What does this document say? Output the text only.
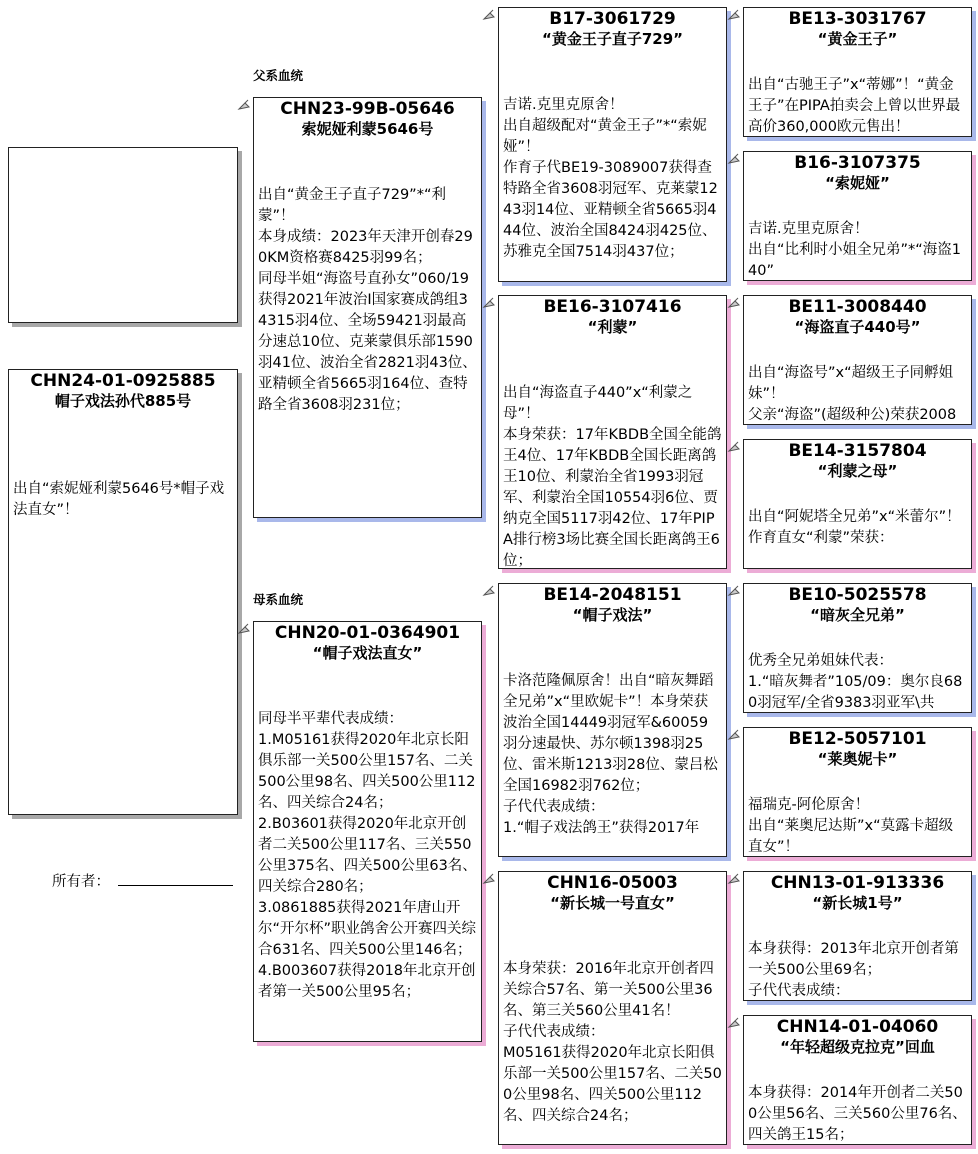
CHN24-01-0925885
帽子戏法孙代885号
出自“索妮娅利蒙5646号*帽子戏法直女”！
所有者：
父系血统
CHN23-99B-05646
索妮娅利蒙5646号
出自“黄金王子直子729”*“利蒙”！
本身成绩：2023年天津开创春290KM资格赛8425羽99名；
同母半姐“海盗号直孙女”060/19获得2021年波治I国家赛成鸽组34315羽4位、全场59421羽最高分速总10位、克莱蒙俱乐部1590羽41位、波治全省2821羽43位、亚精顿全省5665羽164位、查特路全省3608羽231位；
母系血统
CHN20-01-0364901
“帽子戏法直女”
同母半平辈代表成绩：
1.M05161获得2020年北京长阳俱乐部一关500公里157名、二关500公里98名、四关500公里112名、四关综合24名；
2.B03601获得2020年北京开创者二关500公里117名、三关550公里375名、四关500公里63名、四关综合280名；
3.0861885获得2021年唐山开尔“开尔杯”职业鸽舍公开赛四关综合631名、四关500公里146名；
4.B003607获得2018年北京开创者第一关500公里95名；
B17-3061729
“黄金王子直子729”
吉诺.克里克原舍！
出自超级配对“黄金王子”*“索妮娅”！
作育子代BE19-3089007获得查特路全省3608羽冠军、克莱蒙1243羽14位、亚精顿全省5665羽444位、波治全国8424羽425位、苏雅克全国7514羽437位；
BE16-3107416
“利蒙”
出自“海盗直子440”x“利蒙之母”！
本身荣获：17年KBDB全国全能鸽王4位、17年KBDB全国长距离鸽王10位、利蒙治全省1993羽冠军、利蒙治全国10554羽6位、贾纳克全国5117羽42位、17年PIPA排行榜3场比赛全国长距离鸽王6位；
BE14-2048151
“帽子戏法”
卡洛范隆佩原舍！出自“暗灰舞蹈全兄弟”x“里欧妮卡”！本身荣获波治全国14449羽冠军&60059羽分速最快、苏尔顿1398羽25位、雷米斯1213羽28位、蒙吕松全国16982羽762位；
子代代表成绩：
1.“帽子戏法鸽王”获得2017年
CHN16-05003
“新长城一号直女”
本身荣获：2016年北京开创者四关综合57名、第一关500公里36名、第三关560公里41名！
子代代表成绩：
M05161获得2020年北京长阳俱乐部一关500公里157名、二关500公里98名、四关500公里112名、四关综合24名；
BE13-3031767
“黄金王子”
出自“古驰王子”x“蒂娜”！“黄金王子”在PIPA拍卖会上曾以世界最高价360,000欧元售出！
B16-3107375
“索妮娅”
吉诺.克里克原舍！
出自“比利时小姐全兄弟”*“海盗140”
BE11-3008440
“海盗直子440号”
出自“海盗号”x“超级王子同孵姐妹”！
父亲“海盗”(超级种公)荣获2008
BE14-3157804
“利蒙之母”
出自“阿妮塔全兄弟”x“米蕾尔”！
作育直女“利蒙”荣获：
BE10-5025578
“暗灰全兄弟”
优秀全兄弟姐妹代表：
1.“暗灰舞者”105/09：奥尔良680羽冠军/全省9383羽亚军\共
BE12-5057101
“莱奥妮卡”
福瑞克-阿伦原舍！
出自“莱奥尼达斯”x“莫露卡超级直女”！
CHN13-01-913336
“新长城1号”
本身获得：2013年北京开创者第一关500公里69名；
子代代表成绩：
CHN14-01-04060
“年轻超级克拉克”回血
本身获得：2014年开创者二关500公里56名、三关560公里76名、四关鸽王15名；
